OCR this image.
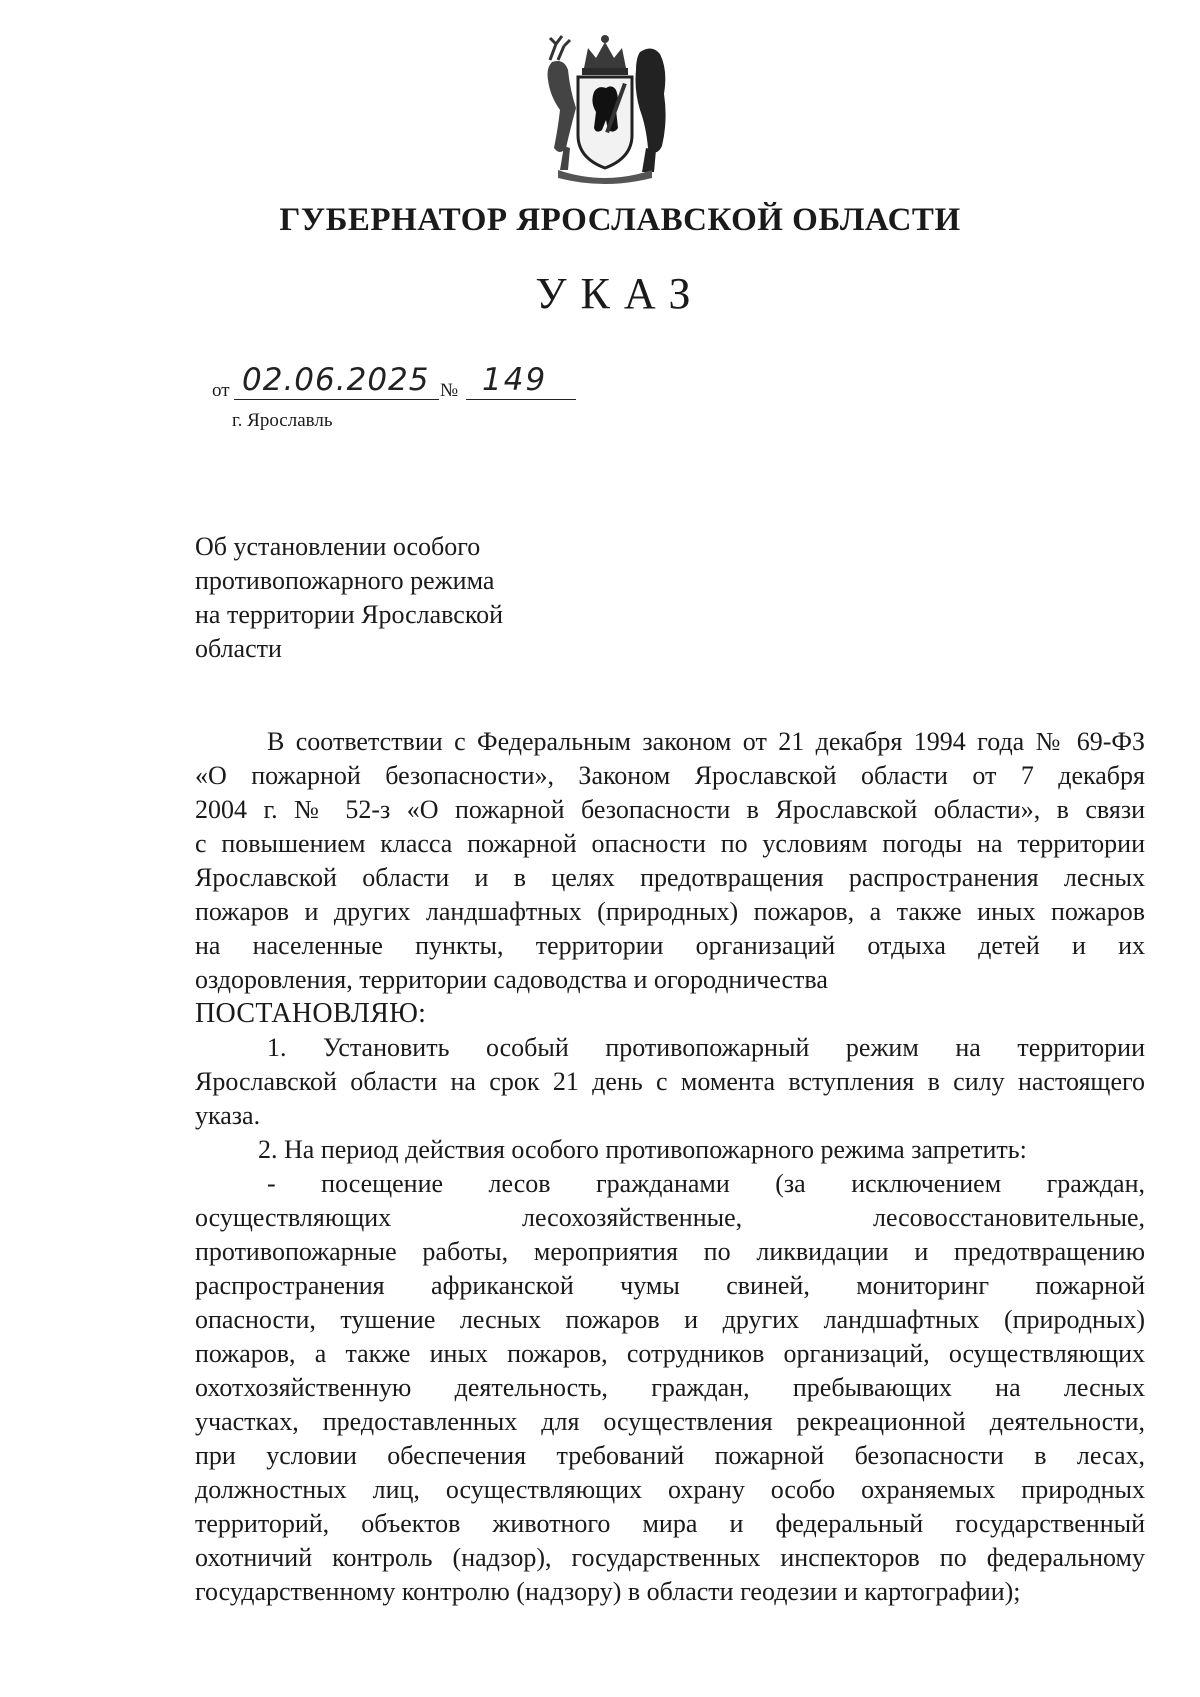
ГУБЕРНАТОР ЯРОСЛАВСКОЙ ОБЛАСТИ
УКАЗ
от 02.06.2025 № 149
г. Ярославль
Об установлении особого
противопожарного режима
на территории Ярославской
области
В соответствии с Федеральным законом от 21 декабря 1994 года № 69-ФЗ
«О пожарной безопасности», Законом Ярославской области от 7 декабря
2004 г. № 52-з «О пожарной безопасности в Ярославской области», в связи
с повышением класса пожарной опасности по условиям погоды на территории
Ярославской области и в целях предотвращения распространения лесных
пожаров и других ландшафтных (природных) пожаров, а также иных пожаров
на населенные пункты, территории организаций отдыха детей и их
оздоровления, территории садоводства и огородничества
ПОСТАНОВЛЯЮ:
1. Установить особый противопожарный режим на территории
Ярославской области на срок 21 день с момента вступления в силу настоящего
указа.
2. На период действия особого противопожарного режима запретить:
- посещение лесов гражданами (за исключением граждан,
осуществляющих лесохозяйственные, лесовосстановительные,
противопожарные работы, мероприятия по ликвидации и предотвращению
распространения африканской чумы свиней, мониторинг пожарной
опасности, тушение лесных пожаров и других ландшафтных (природных)
пожаров, а также иных пожаров, сотрудников организаций, осуществляющих
охотхозяйственную деятельность, граждан, пребывающих на лесных
участках, предоставленных для осуществления рекреационной деятельности,
при условии обеспечения требований пожарной безопасности в лесах,
должностных лиц, осуществляющих охрану особо охраняемых природных
территорий, объектов животного мира и федеральный государственный
охотничий контроль (надзор), государственных инспекторов по федеральному
государственному контролю (надзору) в области геодезии и картографии);
